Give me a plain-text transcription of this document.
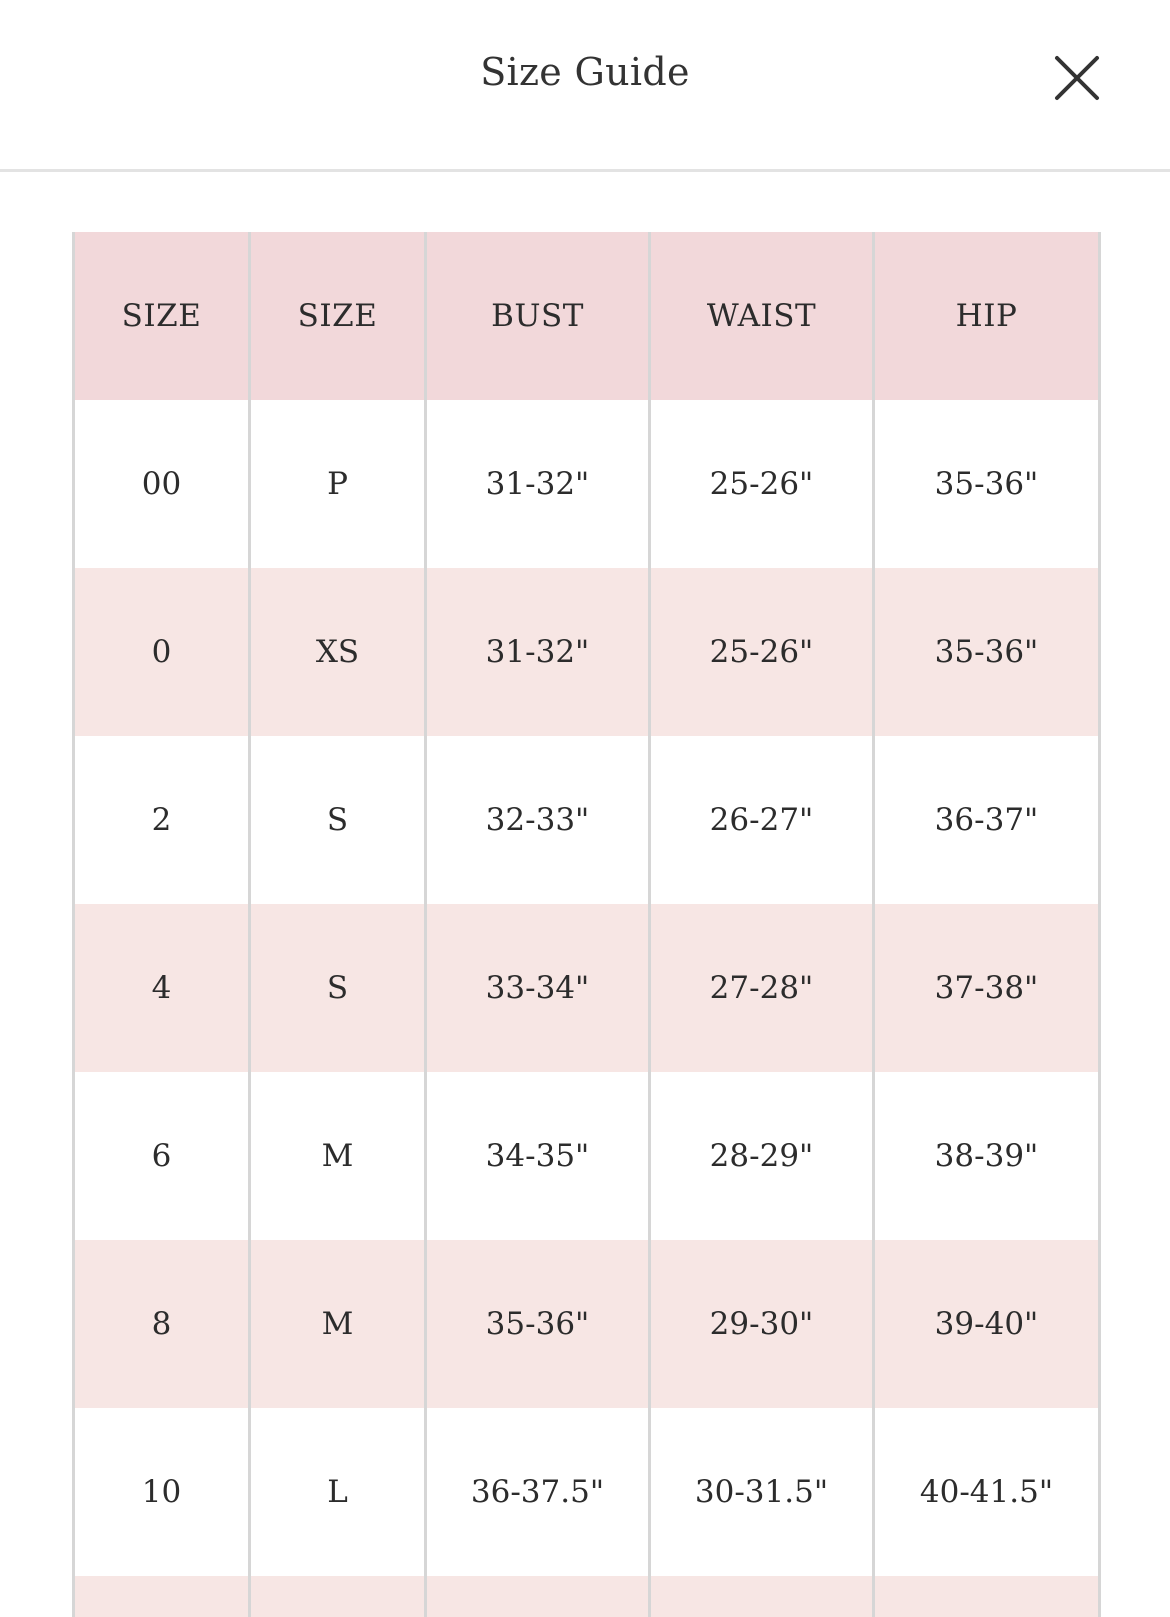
Size Guide
SIZE	SIZE	BUST	WAIST	HIP
00	P	31-32"	25-26"	35-36"
0	XS	31-32"	25-26"	35-36"
2	S	32-33"	26-27"	36-37"
4	S	33-34"	27-28"	37-38"
6	M	34-35"	28-29"	38-39"
8	M	35-36"	29-30"	39-40"
10	L	36-37.5"	30-31.5"	40-41.5"
